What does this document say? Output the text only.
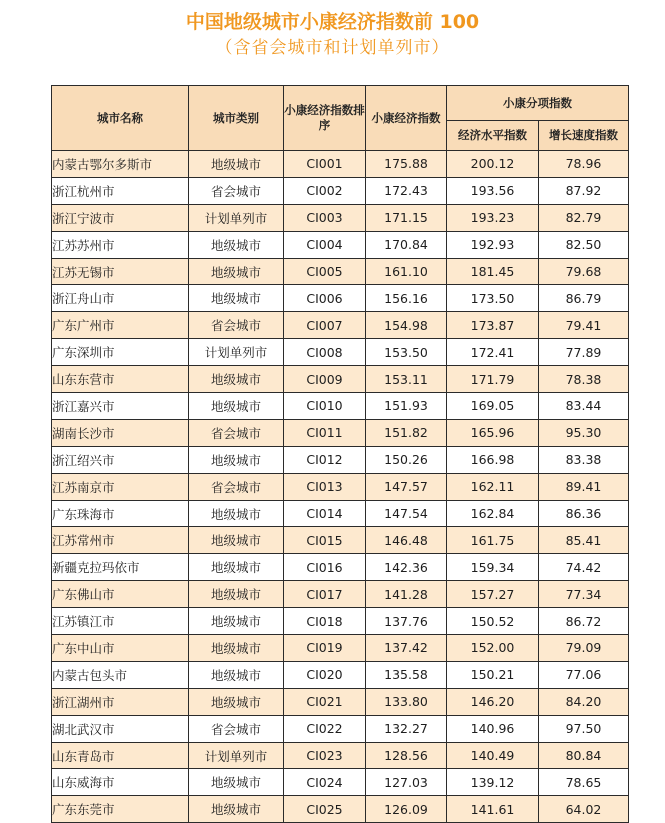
中国地级城市小康经济指数前 100
（含省会城市和计划单列市）
城市名称	城市类别	小康经济指数排序	小康经济指数	小康分项指数	
				经济水平指数	增长速度指数
内蒙古鄂尔多斯市	地级城市	CI001	175.88	200.12	78.96
浙江杭州市	省会城市	CI002	172.43	193.56	87.92
浙江宁波市	计划单列市	CI003	171.15	193.23	82.79
江苏苏州市	地级城市	CI004	170.84	192.93	82.50
江苏无锡市	地级城市	CI005	161.10	181.45	79.68
浙江舟山市	地级城市	CI006	156.16	173.50	86.79
广东广州市	省会城市	CI007	154.98	173.87	79.41
广东深圳市	计划单列市	CI008	153.50	172.41	77.89
山东东营市	地级城市	CI009	153.11	171.79	78.38
浙江嘉兴市	地级城市	CI010	151.93	169.05	83.44
湖南长沙市	省会城市	CI011	151.82	165.96	95.30
浙江绍兴市	地级城市	CI012	150.26	166.98	83.38
江苏南京市	省会城市	CI013	147.57	162.11	89.41
广东珠海市	地级城市	CI014	147.54	162.84	86.36
江苏常州市	地级城市	CI015	146.48	161.75	85.41
新疆克拉玛依市	地级城市	CI016	142.36	159.34	74.42
广东佛山市	地级城市	CI017	141.28	157.27	77.34
江苏镇江市	地级城市	CI018	137.76	150.52	86.72
广东中山市	地级城市	CI019	137.42	152.00	79.09
内蒙古包头市	地级城市	CI020	135.58	150.21	77.06
浙江湖州市	地级城市	CI021	133.80	146.20	84.20
湖北武汉市	省会城市	CI022	132.27	140.96	97.50
山东青岛市	计划单列市	CI023	128.56	140.49	80.84
山东威海市	地级城市	CI024	127.03	139.12	78.65
广东东莞市	地级城市	CI025	126.09	141.61	64.02
